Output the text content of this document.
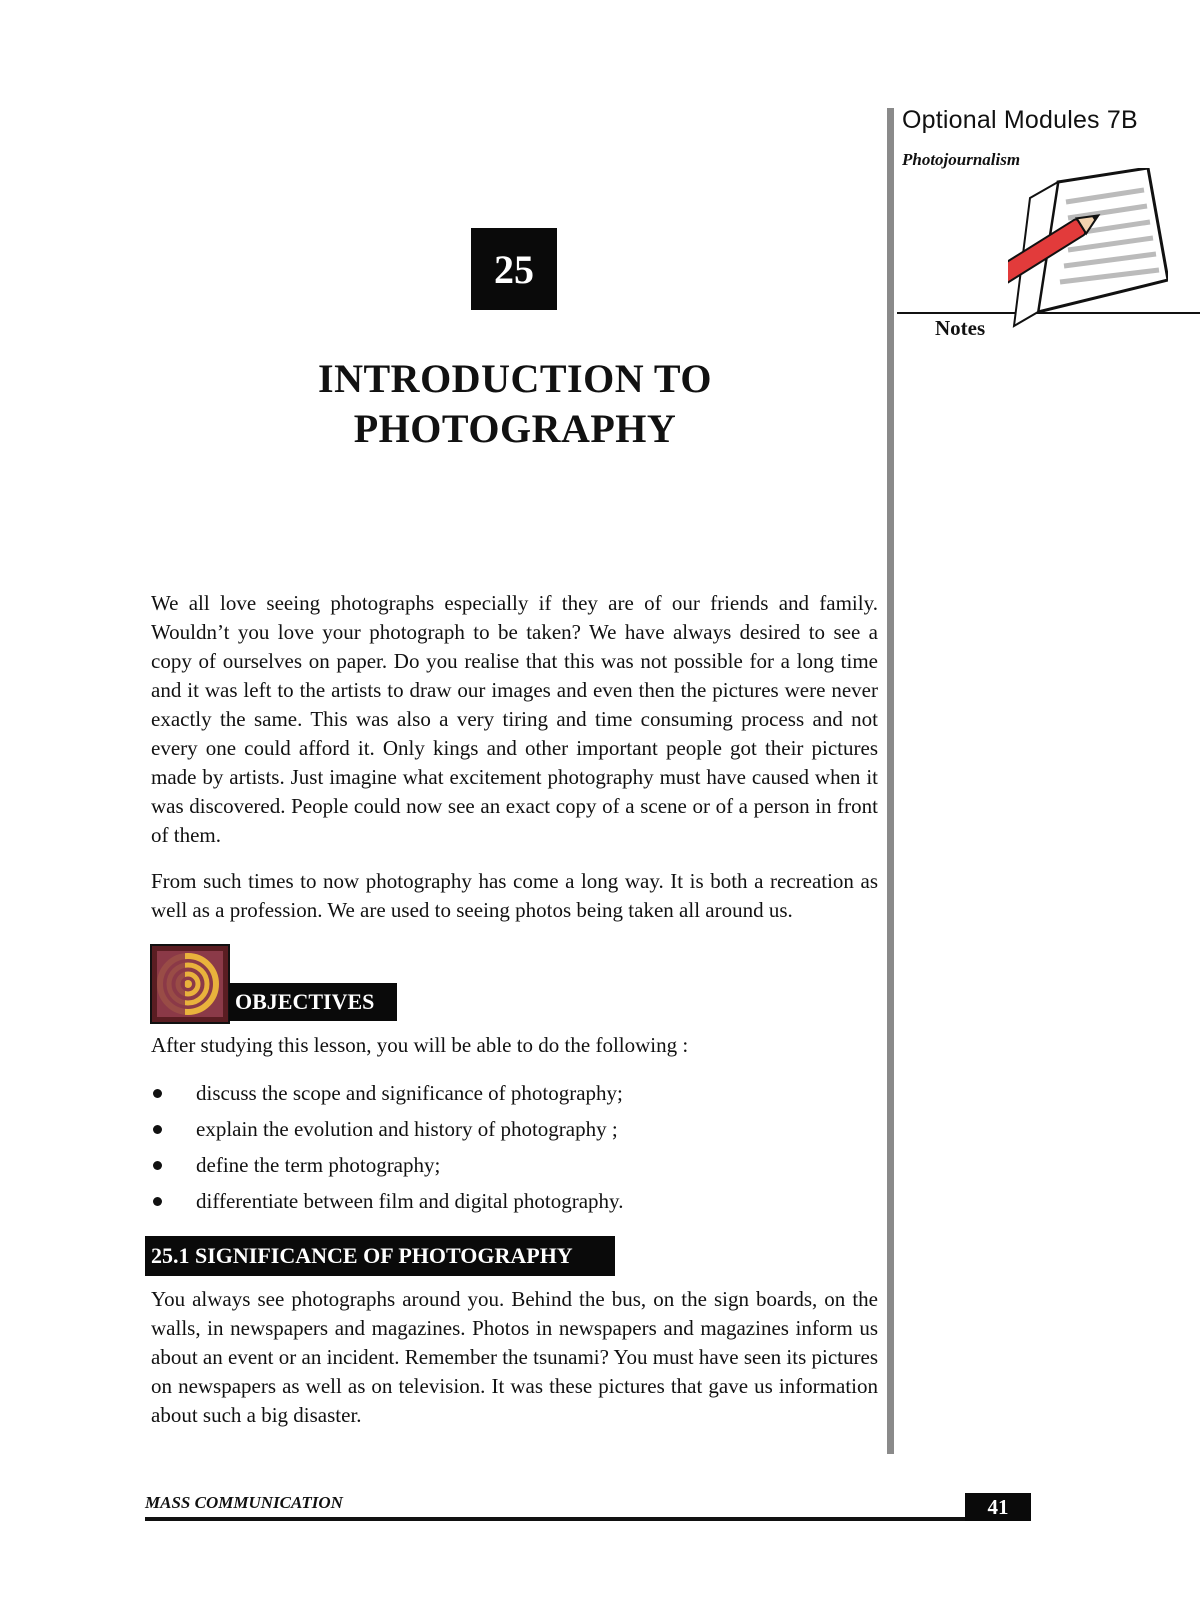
Optional Modules 7B
Photojournalism
Notes
25
INTRODUCTION TO
PHOTOGRAPHY

We all love seeing photographs especially if they are of our friends and family. Wouldn’t you love your photograph to be taken? We have always desired to see a copy of ourselves on paper. Do you realise that this was not possible for a long time and it was left to the artists to draw our images and even then the pictures were never exactly the same. This was also a very tiring and time consuming process and not every one could afford it. Only kings and other important people got their pictures made by artists. Just imagine what excitement photography must have caused when it was discovered. People could now see an exact copy of a scene or of a person in front of them.

From such times to now photography has come a long way. It is both a recreation as well as a profession. We are used to seeing photos being taken all around us.

OBJECTIVES
After studying this lesson, you will be able to do the following :
discuss the scope and significance of photography;
explain the evolution and history of photography ;
define the term photography;
differentiate between film and digital photography.
25.1 SIGNIFICANCE OF PHOTOGRAPHY

You always see photographs around you. Behind the bus, on the sign boards, on the walls, in newspapers and magazines. Photos in newspapers and magazines inform us about an event or an incident. Remember the tsunami? You must have seen its pictures on newspapers as well as on television. It was these pictures that gave us information about such a big disaster.

MASS COMMUNICATION	41
